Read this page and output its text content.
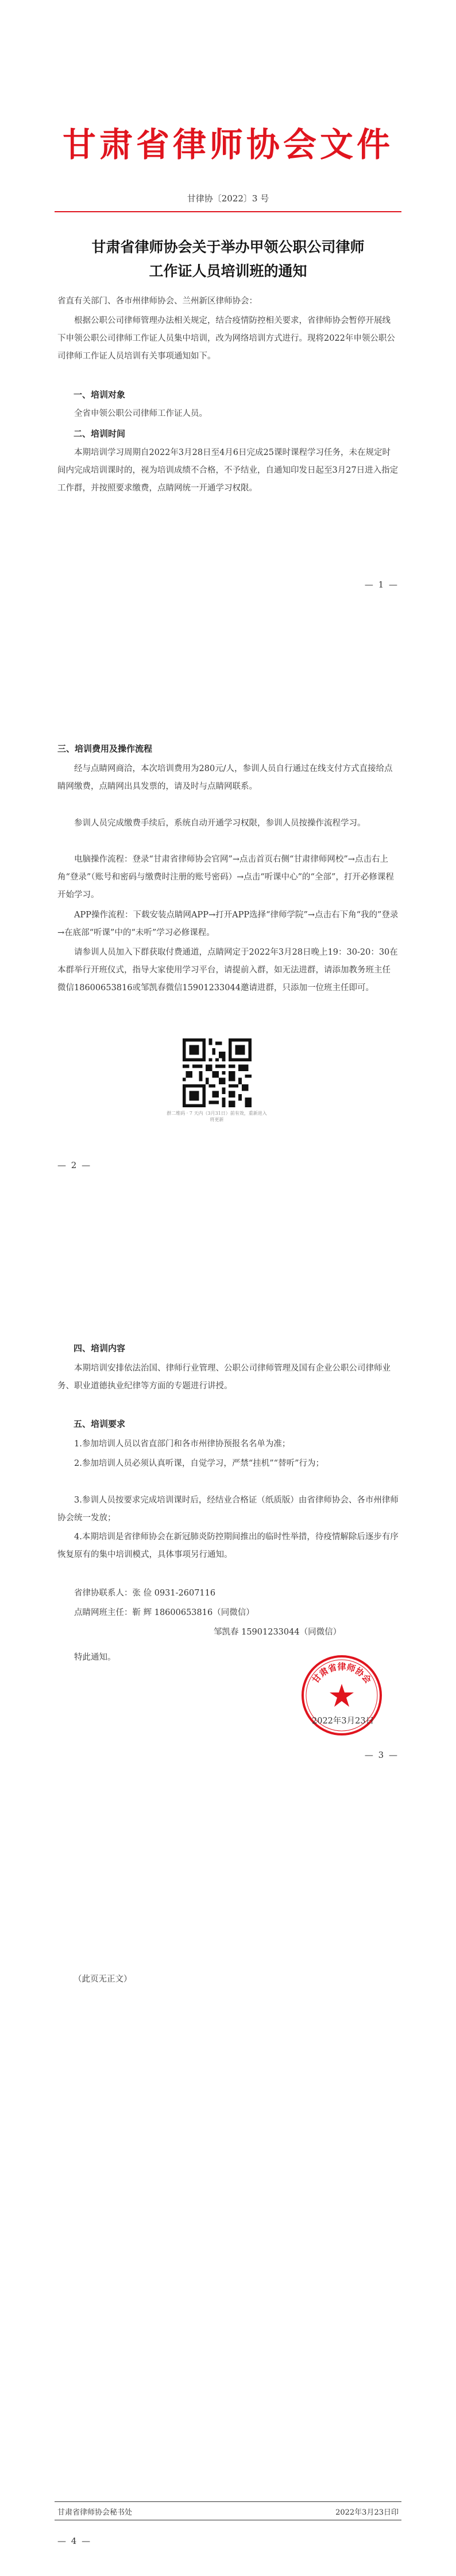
甘肃省律师协会文件
甘律协〔2022〕3 号
甘肃省律师协会关于举办甲领公职公司律师
工作证人员培训班的通知
省直有关部门、各市州律师协会、兰州新区律师协会：
根据公职公司律师管理办法相关规定，结合疫情防控相关要求，省律师协会暂停开展线下申领公职公司律师工作证人员集中培训，改为网络培训方式进行。现将2022年申领公职公司律师工作证人员培训有关事项通知如下。
一、培训对象
全省申领公职公司律师工作证人员。
二、培训时间
本期培训学习周期自2022年3月28日至4月6日完成25课时课程学习任务，未在规定时间内完成培训课时的，视为培训成绩不合格，不予结业，自通知印发日起至3月27日进入指定工作群，并按照要求缴费，点睛网统一开通学习权限。
— 1 —
三、培训费用及操作流程
经与点睛网商洽，本次培训费用为280元/人，参训人员自行通过在线支付方式直接给点睛网缴费，点睛网出具发票的，请及时与点睛网联系。
参训人员完成缴费手续后，系统自动开通学习权限，参训人员按操作流程学习。
电脑操作流程：登录“甘肃省律师协会官网”→点击首页右侧“甘肃律师网校”→点击右上角“登录”（账号和密码与缴费时注册的账号密码）→点击“听课中心”的“全部”，打开必修课程开始学习。
APP操作流程：下载安装点睛网APP→打开APP选择“律师学院”→点击右下角“我的”登录→在底部“听课”中的“未听”学习必修课程。
请参训人员加入下群获取付费通道，点睛网定于2022年3月28日晚上19：30-20：30在本群举行开班仪式，指导大家使用学习平台，请提前入群，如无法进群，请添加教务班主任微信18600653816或邹凯春微信15901233044邀请进群，只添加一位班主任即可。
群二维码 · 7 天内（3月31日）前有效，重新进入将更新
— 2 —
四、培训内容
本期培训安排依法治国、律师行业管理、公职公司律师管理及国有企业公职公司律师业务、职业道德执业纪律等方面的专题进行讲授。
五、培训要求
1.参加培训人员以省直部门和各市州律协预报名名单为准；
2.参加培训人员必须认真听课，自觉学习，严禁“挂机”“替听”行为；
3.参训人员按要求完成培训课时后，经结业合格证（纸质版）由省律师协会、各市州律师协会统一发放；
4.本期培训是省律师协会在新冠肺炎防控期间推出的临时性举措，待疫情解除后逐步有序恢复原有的集中培训模式，具体事项另行通知。
省律协联系人：张 俭 0931-2607116
点睛网班主任：靳 辉 18600653816（同微信）
邹凯春 15901233044（同微信）
特此通知。
甘肃省律师协会
2022年3月23日
— 3 —
（此页无正文）
甘肃省律师协会秘书处	2022年3月23日印
— 4 —
